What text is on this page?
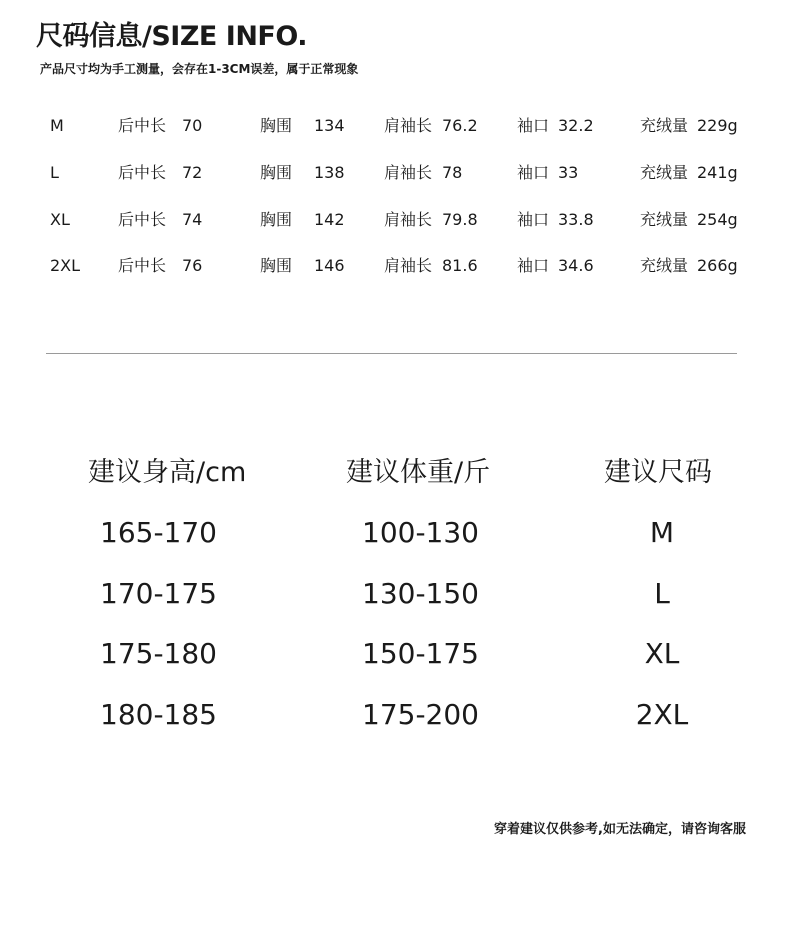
尺码信息/SIZE INFO.
产品尺寸均为手工测量，会存在1-3CM误差，属于正常现象
M	后中长 70	胸围 134 肩袖长 76.2 袖口 32.2	充绒量 229g
L	后中长 72	胸围 138 肩袖长 78	袖口 33	充绒量 241g
XL	后中长 74	胸围 142 肩袖长 79.8 袖口 33.8	充绒量 254g
2XL 后中长 76	胸围 146 肩袖长 81.6 袖口 34.6	充绒量 266g
建议身高/cm	建议体重/斤	建议尺码
165-170	100-130	M
170-175	130-150	L
175-180	150-175	XL
180-185	175-200	2XL
穿着建议仅供参考,如无法确定，请咨询客服
